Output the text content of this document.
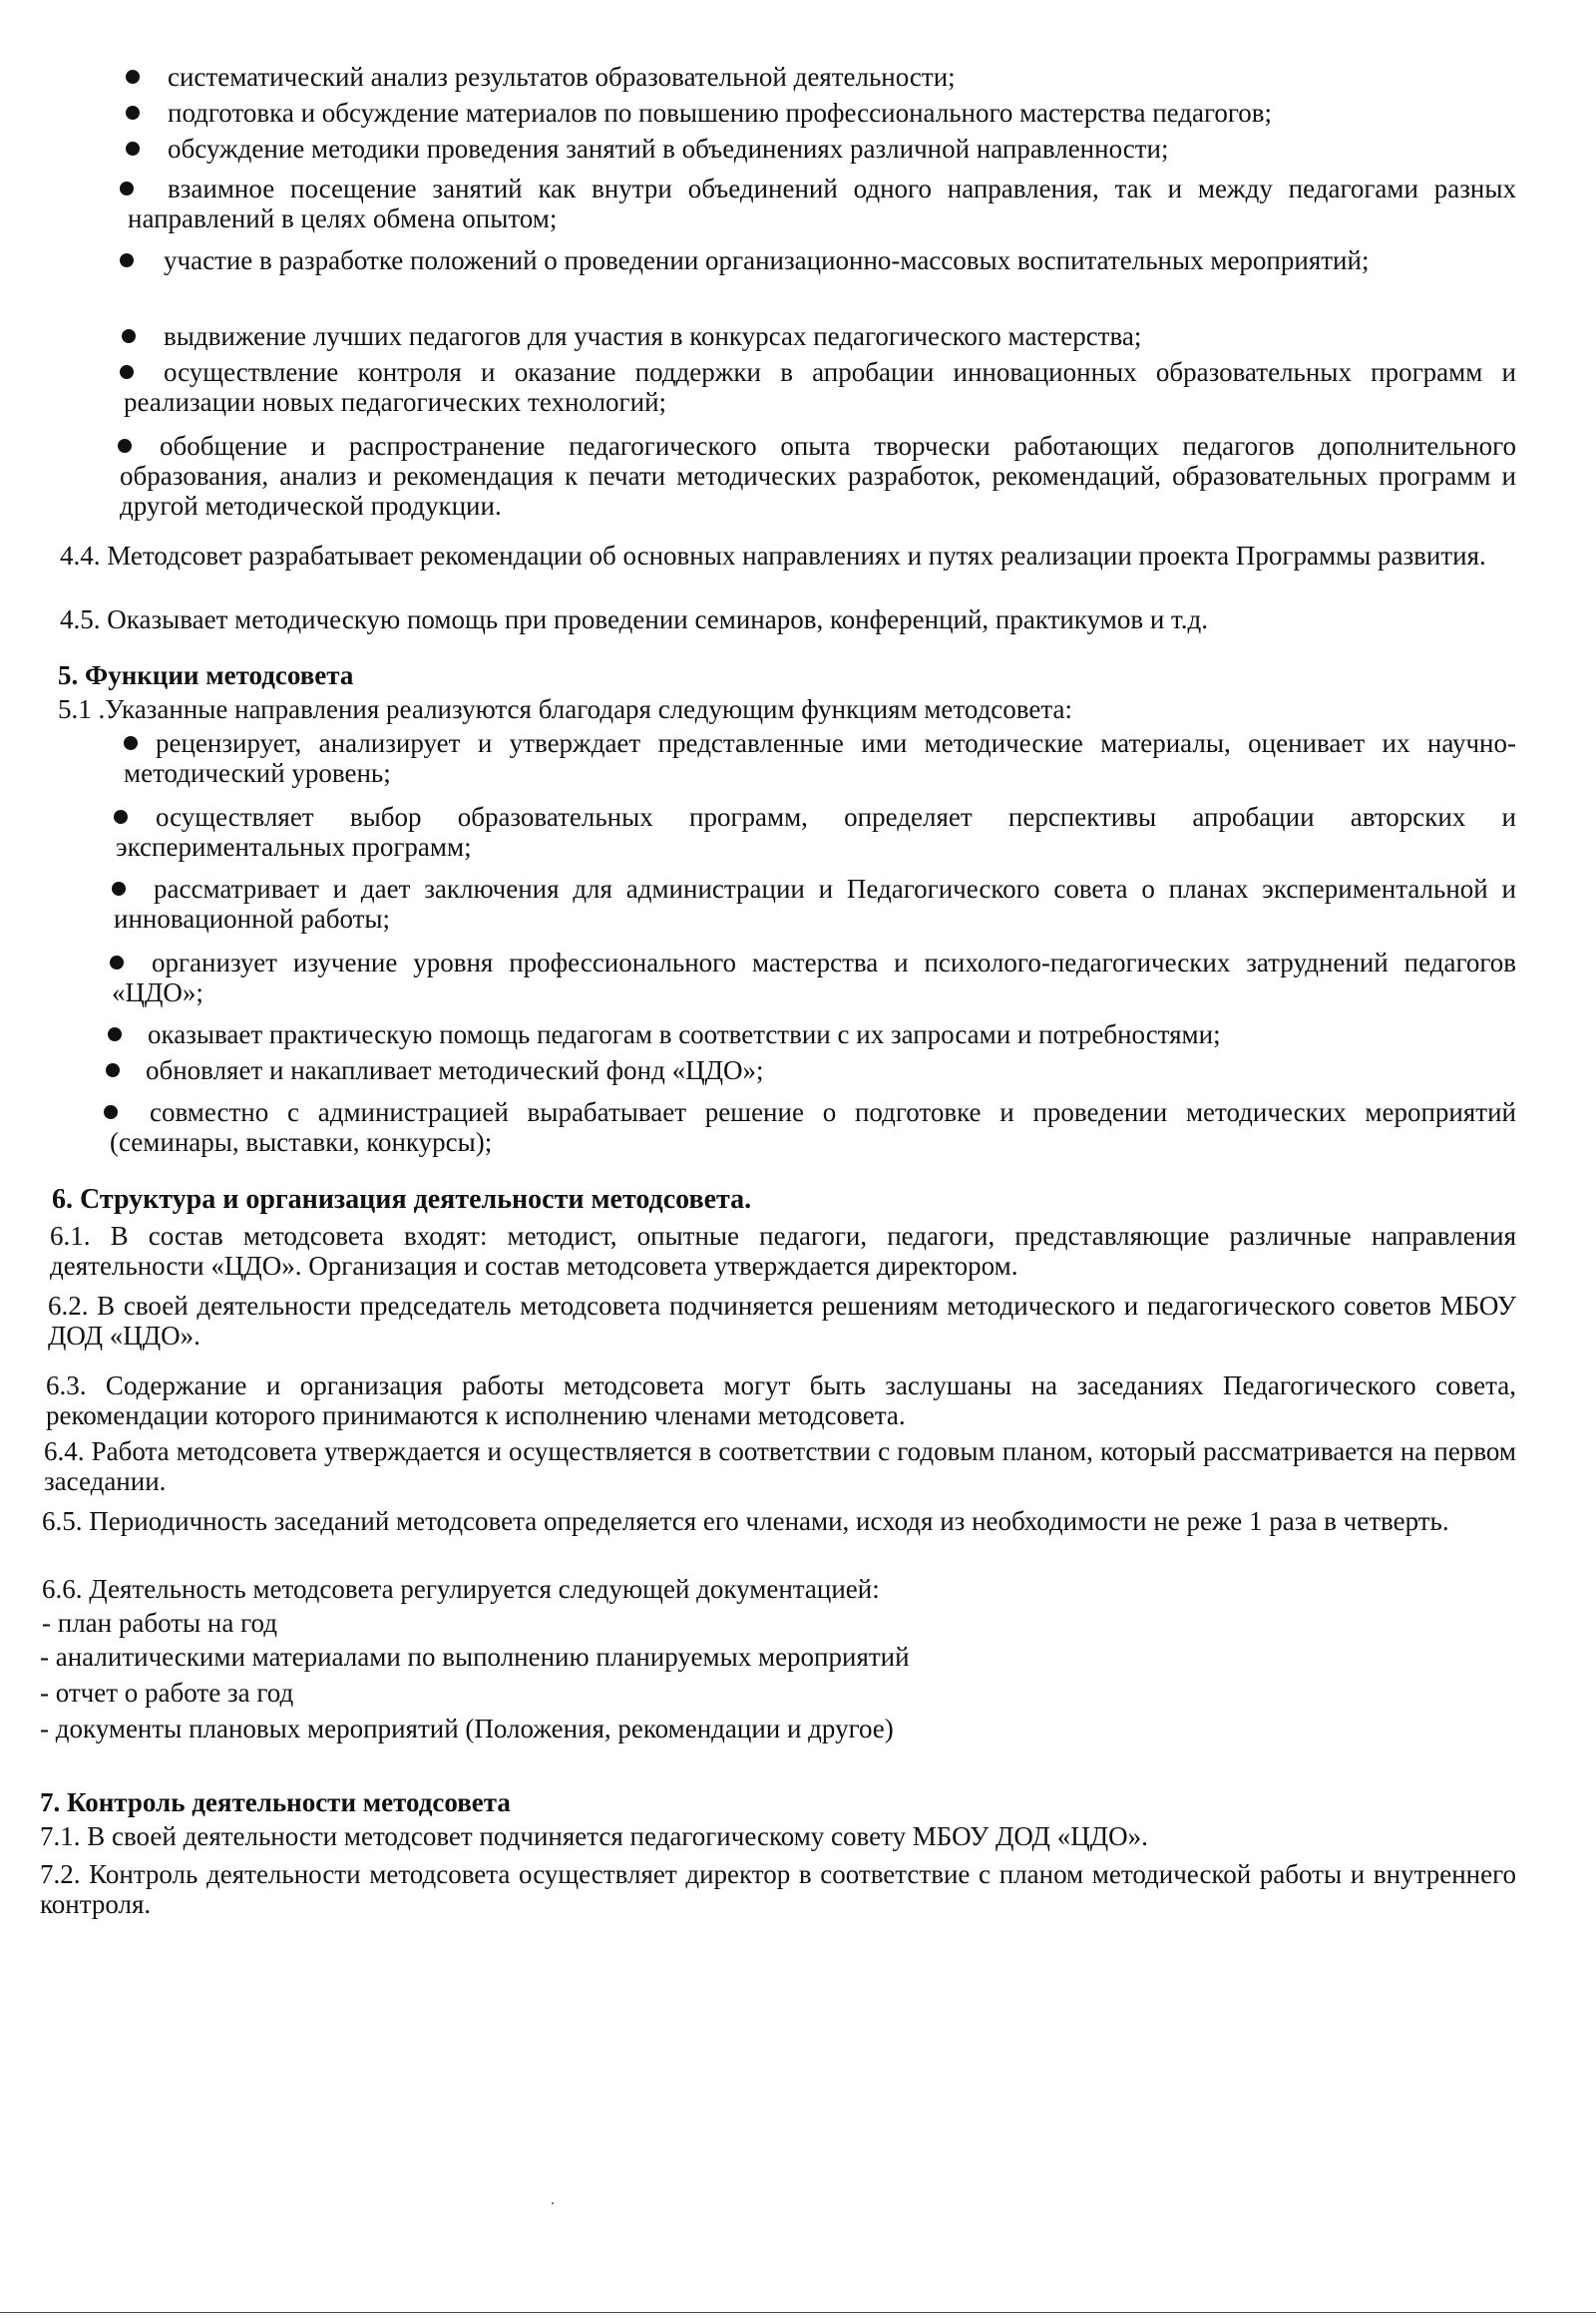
систематический анализ результатов образовательной деятельности;

подготовка и обсуждение материалов по повышению профессионального мастерства педагогов;

обсуждение методики проведения занятий в объединениях различной направленности;

взаимное посещение занятий как внутри объединений одного направления, так и между педагогами разных направлений в целях обмена опытом;

участие в разработке положений о проведении организационно-массовых воспитательных мероприятий;

выдвижение лучших педагогов для участия в конкурсах педагогического мастерства;

осуществление контроля и оказание поддержки в апробации инновационных образовательных программ и реализации новых педагогических технологий;

обобщение и распространение педагогического опыта творчески работающих педагогов дополнительного образования, анализ и рекомендация к печати методических разработок, рекомендаций, образовательных программ и другой методической продукции.

4.4. Методсовет разрабатывает рекомендации об основных направлениях и путях реализации проекта Программы развития.

4.5. Оказывает методическую помощь при проведении семинаров, конференций, практикумов и т.д.

5. Функции методсовета

5.1 .Указанные направления реализуются благодаря следующим функциям методсовета:

рецензирует, анализирует и утверждает представленные ими методические материалы, оценивает их научно-методический уровень;

осуществляет выбор образовательных программ, определяет перспективы апробации авторских и экспериментальных программ;

рассматривает и дает заключения для администрации и Педагогического совета о планах экспериментальной и инновационной работы;

организует изучение уровня профессионального мастерства и психолого-педагогических затруднений педагогов «ЦДО»;

оказывает практическую помощь педагогам в соответствии с их запросами и потребностями;

обновляет и накапливает методический фонд «ЦДО»;

совместно с администрацией вырабатывает решение о подготовке и проведении методических мероприятий (семинары, выставки, конкурсы);

6. Структура и организация деятельности методсовета.

6.1. В состав методсовета входят: методист, опытные педагоги, педагоги, представляющие различные направления деятельности «ЦДО». Организация и состав методсовета утверждается директором.

6.2. В своей деятельности председатель методсовета подчиняется решениям методического и педагогического советов МБОУ ДОД «ЦДО».

6.3. Содержание и организация работы методсовета могут быть заслушаны на заседаниях Педагогического совета, рекомендации которого принимаются к исполнению членами методсовета.

6.4. Работа методсовета утверждается и осуществляется в соответствии с годовым планом, который рассматривается на первом заседании.

6.5. Периодичность заседаний методсовета определяется его членами, исходя из необходимости не реже 1 раза в четверть.

6.6. Деятельность методсовета регулируется следующей документацией:

- план работы на год

- аналитическими материалами по выполнению планируемых мероприятий

- отчет о работе за год

- документы плановых мероприятий (Положения, рекомендации и другое)

7. Контроль деятельности методсовета

7.1. В своей деятельности методсовет подчиняется педагогическому совету МБОУ ДОД «ЦДО».

7.2. Контроль деятельности методсовета осуществляет директор в соответствие с планом методической работы и внутреннего контроля.
